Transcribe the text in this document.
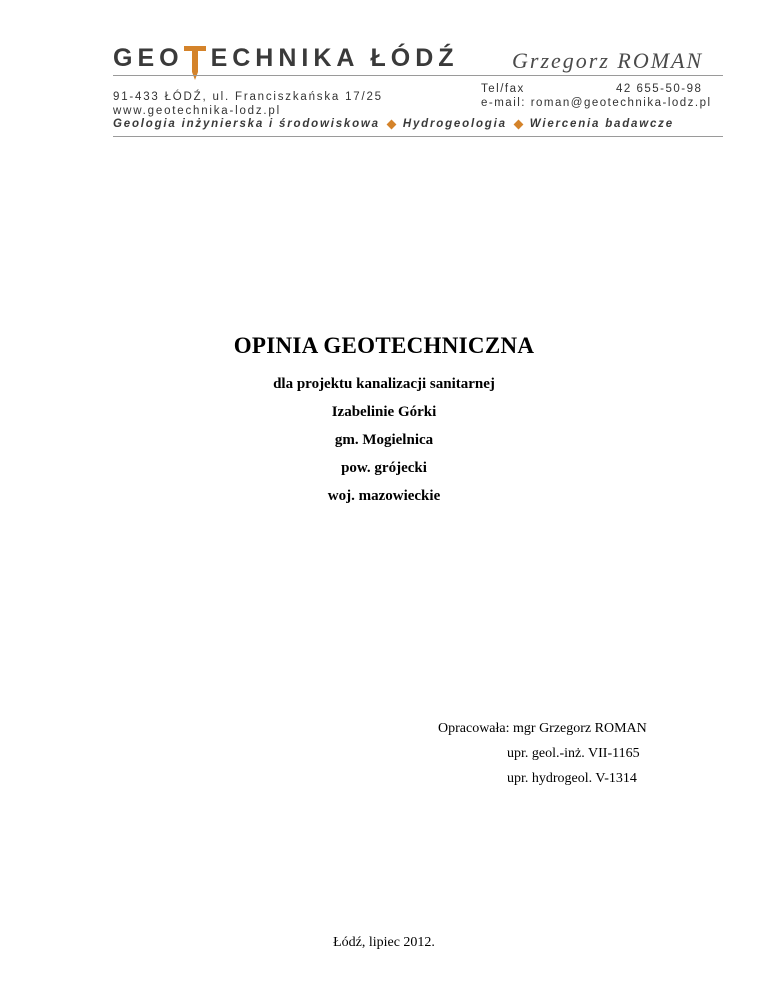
GEO ECHNIKA ŁÓDŹ Grzegorz ROMAN
91-433 ŁÓDŹ, ul. Franciszkańska 17/25
www.geotechnika-lodz.pl
Tel/fax	42 655-50-98
e-mail: roman@geotechnika-lodz.pl
Geologia inżynierska i środowiskowa Hydrogeologia Wiercenia badawcze
OPINIA GEOTECHNICZNA
dla projektu kanalizacji sanitarnej
Izabelinie Górki
gm. Mogielnica
pow. grójecki
woj. mazowieckie
Opracowała: mgr Grzegorz ROMAN
upr. geol.-inż. VII-1165
upr. hydrogeol. V-1314
Łódź, lipiec 2012.
